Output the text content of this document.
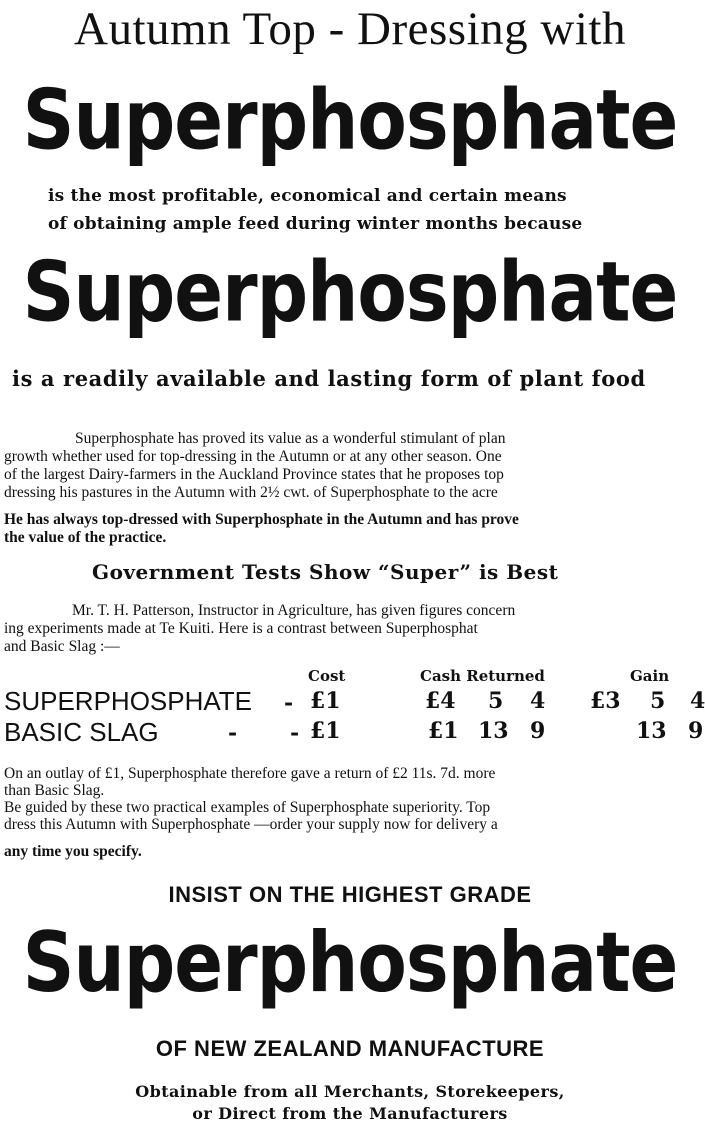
Autumn Top - Dressing with
Superphosphate
is the most profitable, economical and certain means
of obtaining ample feed during winter months because
Superphosphate
is a readily available and lasting form of plant food
Superphosphate has proved its value as a wonderful stimulant of plan
growth whether used for top-dressing in the Autumn or at any other season. One
of the largest Dairy-farmers in the Auckland Province states that he proposes top
dressing his pastures in the Autumn with 2½ cwt. of Superphosphate to the acre
He has always top-dressed with Superphosphate in the Autumn and has prove
the value of the practice.
Government Tests Show “Super” is Best
Mr. T. H. Patterson, Instructor in Agriculture, has given figures concern
ing experiments made at Te Kuiti. Here is a contrast between Superphosphat
and Basic Slag :—
Cost	Cash Returned	Gain
SUPERPHOSPHATE - £1	£4 5 4 £3 5 4
BASIC SLAG	- - £1	£1 13 9	13 9
On an outlay of £1, Superphosphate therefore gave a return of £2 11s. 7d. more
than Basic Slag.
Be guided by these two practical examples of Superphosphate superiority. Top
dress this Autumn with Superphosphate —order your supply now for delivery a
any time you specify.
INSIST ON THE HIGHEST GRADE
Superphosphate
OF NEW ZEALAND MANUFACTURE
Obtainable from all Merchants, Storekeepers,
or Direct from the Manufacturers
